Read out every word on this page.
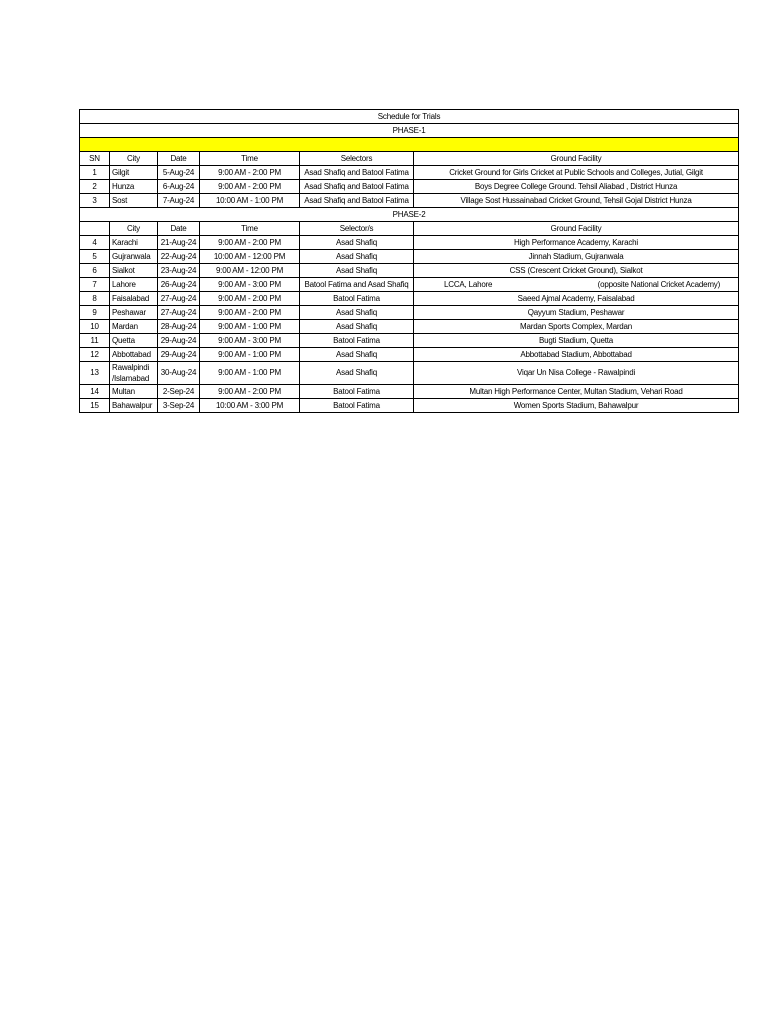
Schedule for Trials					
PHASE-1					

SN	City	Date	Time	Selectors	Ground Facility
1	Gilgit	5-Aug-24	9:00 AM - 2:00 PM	Asad Shafiq and Batool Fatima	Cricket Ground for Girls Cricket at Public Schools and Colleges, Jutial, Gilgit
2	Hunza	6-Aug-24	9:00 AM - 2:00 PM	Asad Shafiq and Batool Fatima	Boys Degree College Ground. Tehsil Aliabad , District Hunza
3	Sost	7-Aug-24	10:00 AM - 1:00 PM	Asad Shafiq and Batool Fatima	Village Sost Hussainabad Cricket Ground, Tehsil Gojal District Hunza
PHASE-2					
	City	Date	Time	Selector/s	Ground Facility
4	Karachi	21-Aug-24	9:00 AM - 2:00 PM	Asad Shafiq	High Performance Academy, Karachi
5	Gujranwala	22-Aug-24	10:00 AM - 12:00 PM	Asad Shafiq	Jinnah Stadium, Gujranwala
6	Sialkot	23-Aug-24	9:00 AM - 12:00 PM	Asad Shafiq	CSS (Crescent Cricket Ground), Sialkot
7	Lahore	26-Aug-24	9:00 AM - 3:00 PM	Batool Fatima and Asad Shafiq	LCCA, Lahore (opposite National Cricket Academy)

8	Faisalabad	27-Aug-24	9:00 AM - 2:00 PM	Batool Fatima	Saeed Ajmal Academy, Faisalabad
9	Peshawar	27-Aug-24	9:00 AM - 2:00 PM	Asad Shafiq	Qayyum Stadium, Peshawar
10	Mardan	28-Aug-24	9:00 AM - 1:00 PM	Asad Shafiq	Mardan Sports Complex, Mardan
11	Quetta	29-Aug-24	9:00 AM - 3:00 PM	Batool Fatima	Bugti Stadium, Quetta
12	Abbottabad	29-Aug-24	9:00 AM - 1:00 PM	Asad Shafiq	Abbottabad Stadium, Abbottabad
13	Rawalpindi /Islamabad	30-Aug-24	9:00 AM - 1:00 PM	Asad Shafiq	Viqar Un Nisa College - Rawalpindi
14	Multan	2-Sep-24	9:00 AM - 2:00 PM	Batool Fatima	Multan High Performance Center, Multan Stadium, Vehari Road
15	Bahawalpur	3-Sep-24	10:00 AM - 3:00 PM	Batool Fatima	Women Sports Stadium, Bahawalpur
